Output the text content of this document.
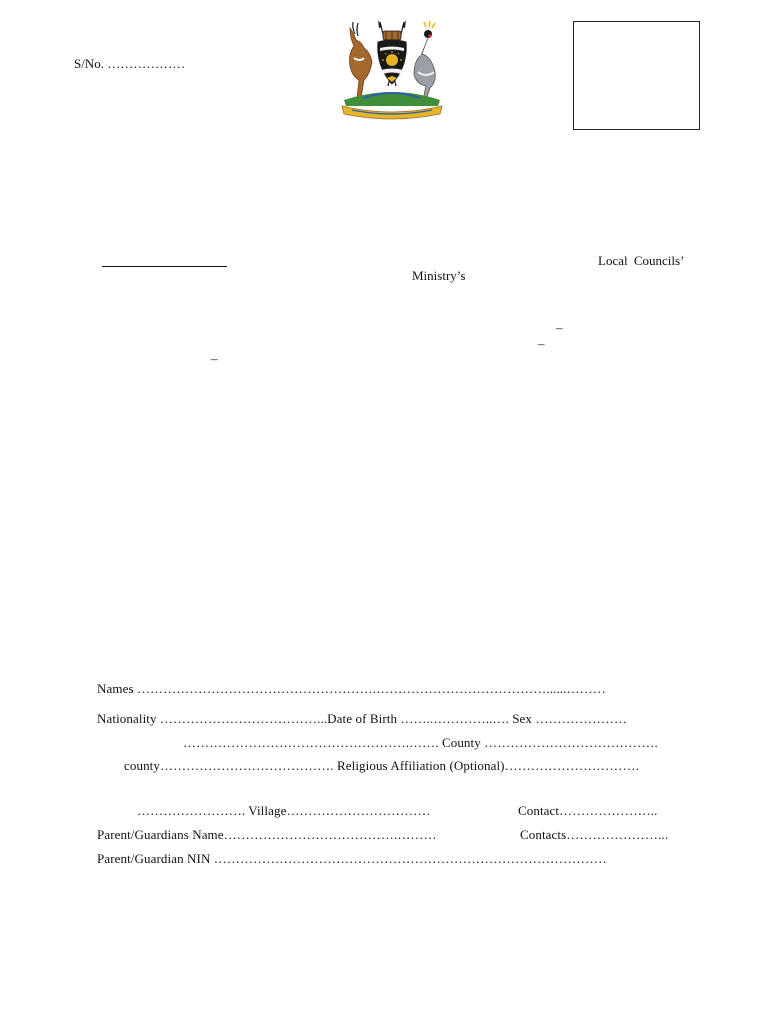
S/No. ………………
Local Councils’
Ministry’s
–
–
–
Names ……………………………………………….…………………………………......………
Nationality ………………………………...Date of Birth ……..…………..…. Sex …………………
…………………………………………….……. County ………………………………….
county…………………………………. Religious Affiliation (Optional)………………………….
……………………. Village……………………………	Contact…………………..
Parent/Guardians Name………………………………….………	Contacts…………………...
Parent/Guardian NIN ………………………………………………………………………………
